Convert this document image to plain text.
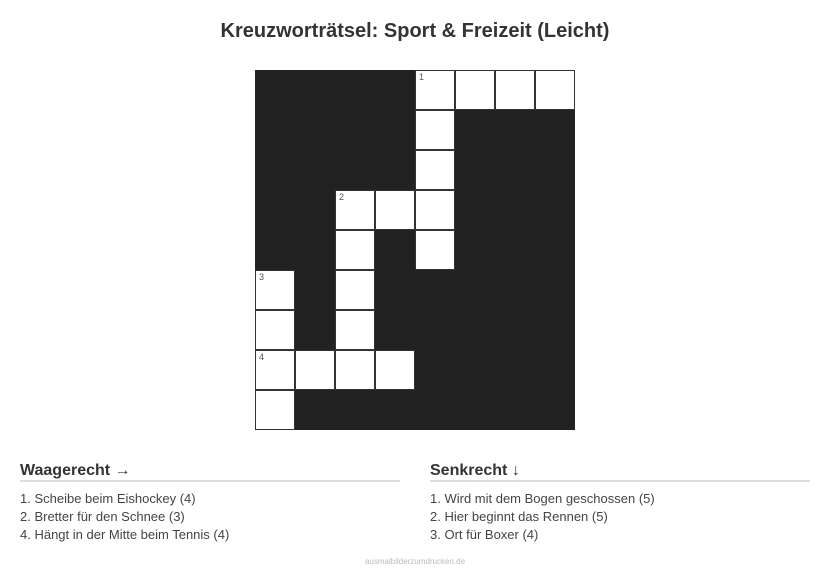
Kreuzworträtsel: Sport & Freizeit (Leicht)
1
2
3
4
Waagerecht →
1. Scheibe beim Eishockey (4)
2. Bretter für den Schnee (3)
4. Hängt in der Mitte beim Tennis (4)
Senkrecht ↓
1. Wird mit dem Bogen geschossen (5)
2. Hier beginnt das Rennen (5)
3. Ort für Boxer (4)
ausmalbilderzumdrucken.de
